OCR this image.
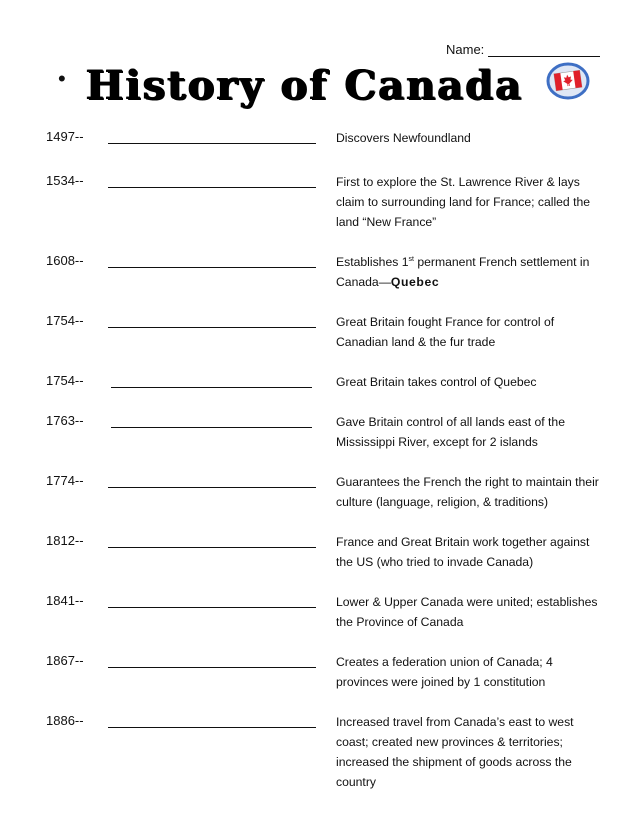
Name:
• History of Canada
1497--	Discovers Newfoundland
1534--	First to explore the St. Lawrence River & lays claim to surrounding land for France; called the land “New France”
1608--	Establishes 1st permanent French settlement in Canada—Quebec
1754--	Great Britain fought France for control of Canadian land & the fur trade
1754--	Great Britain takes control of Quebec
1763--	Gave Britain control of all lands east of the Mississippi River, except for 2 islands
1774--	Guarantees the French the right to maintain their culture (language, religion, & traditions)
1812--	France and Great Britain work together against the US (who tried to invade Canada)
1841--	Lower & Upper Canada were united; establishes the Province of Canada
1867--	Creates a federation union of Canada; 4 provinces were joined by 1 constitution
1886--	Increased travel from Canada’s east to west coast; created new provinces & territories; increased the shipment of goods across the country
